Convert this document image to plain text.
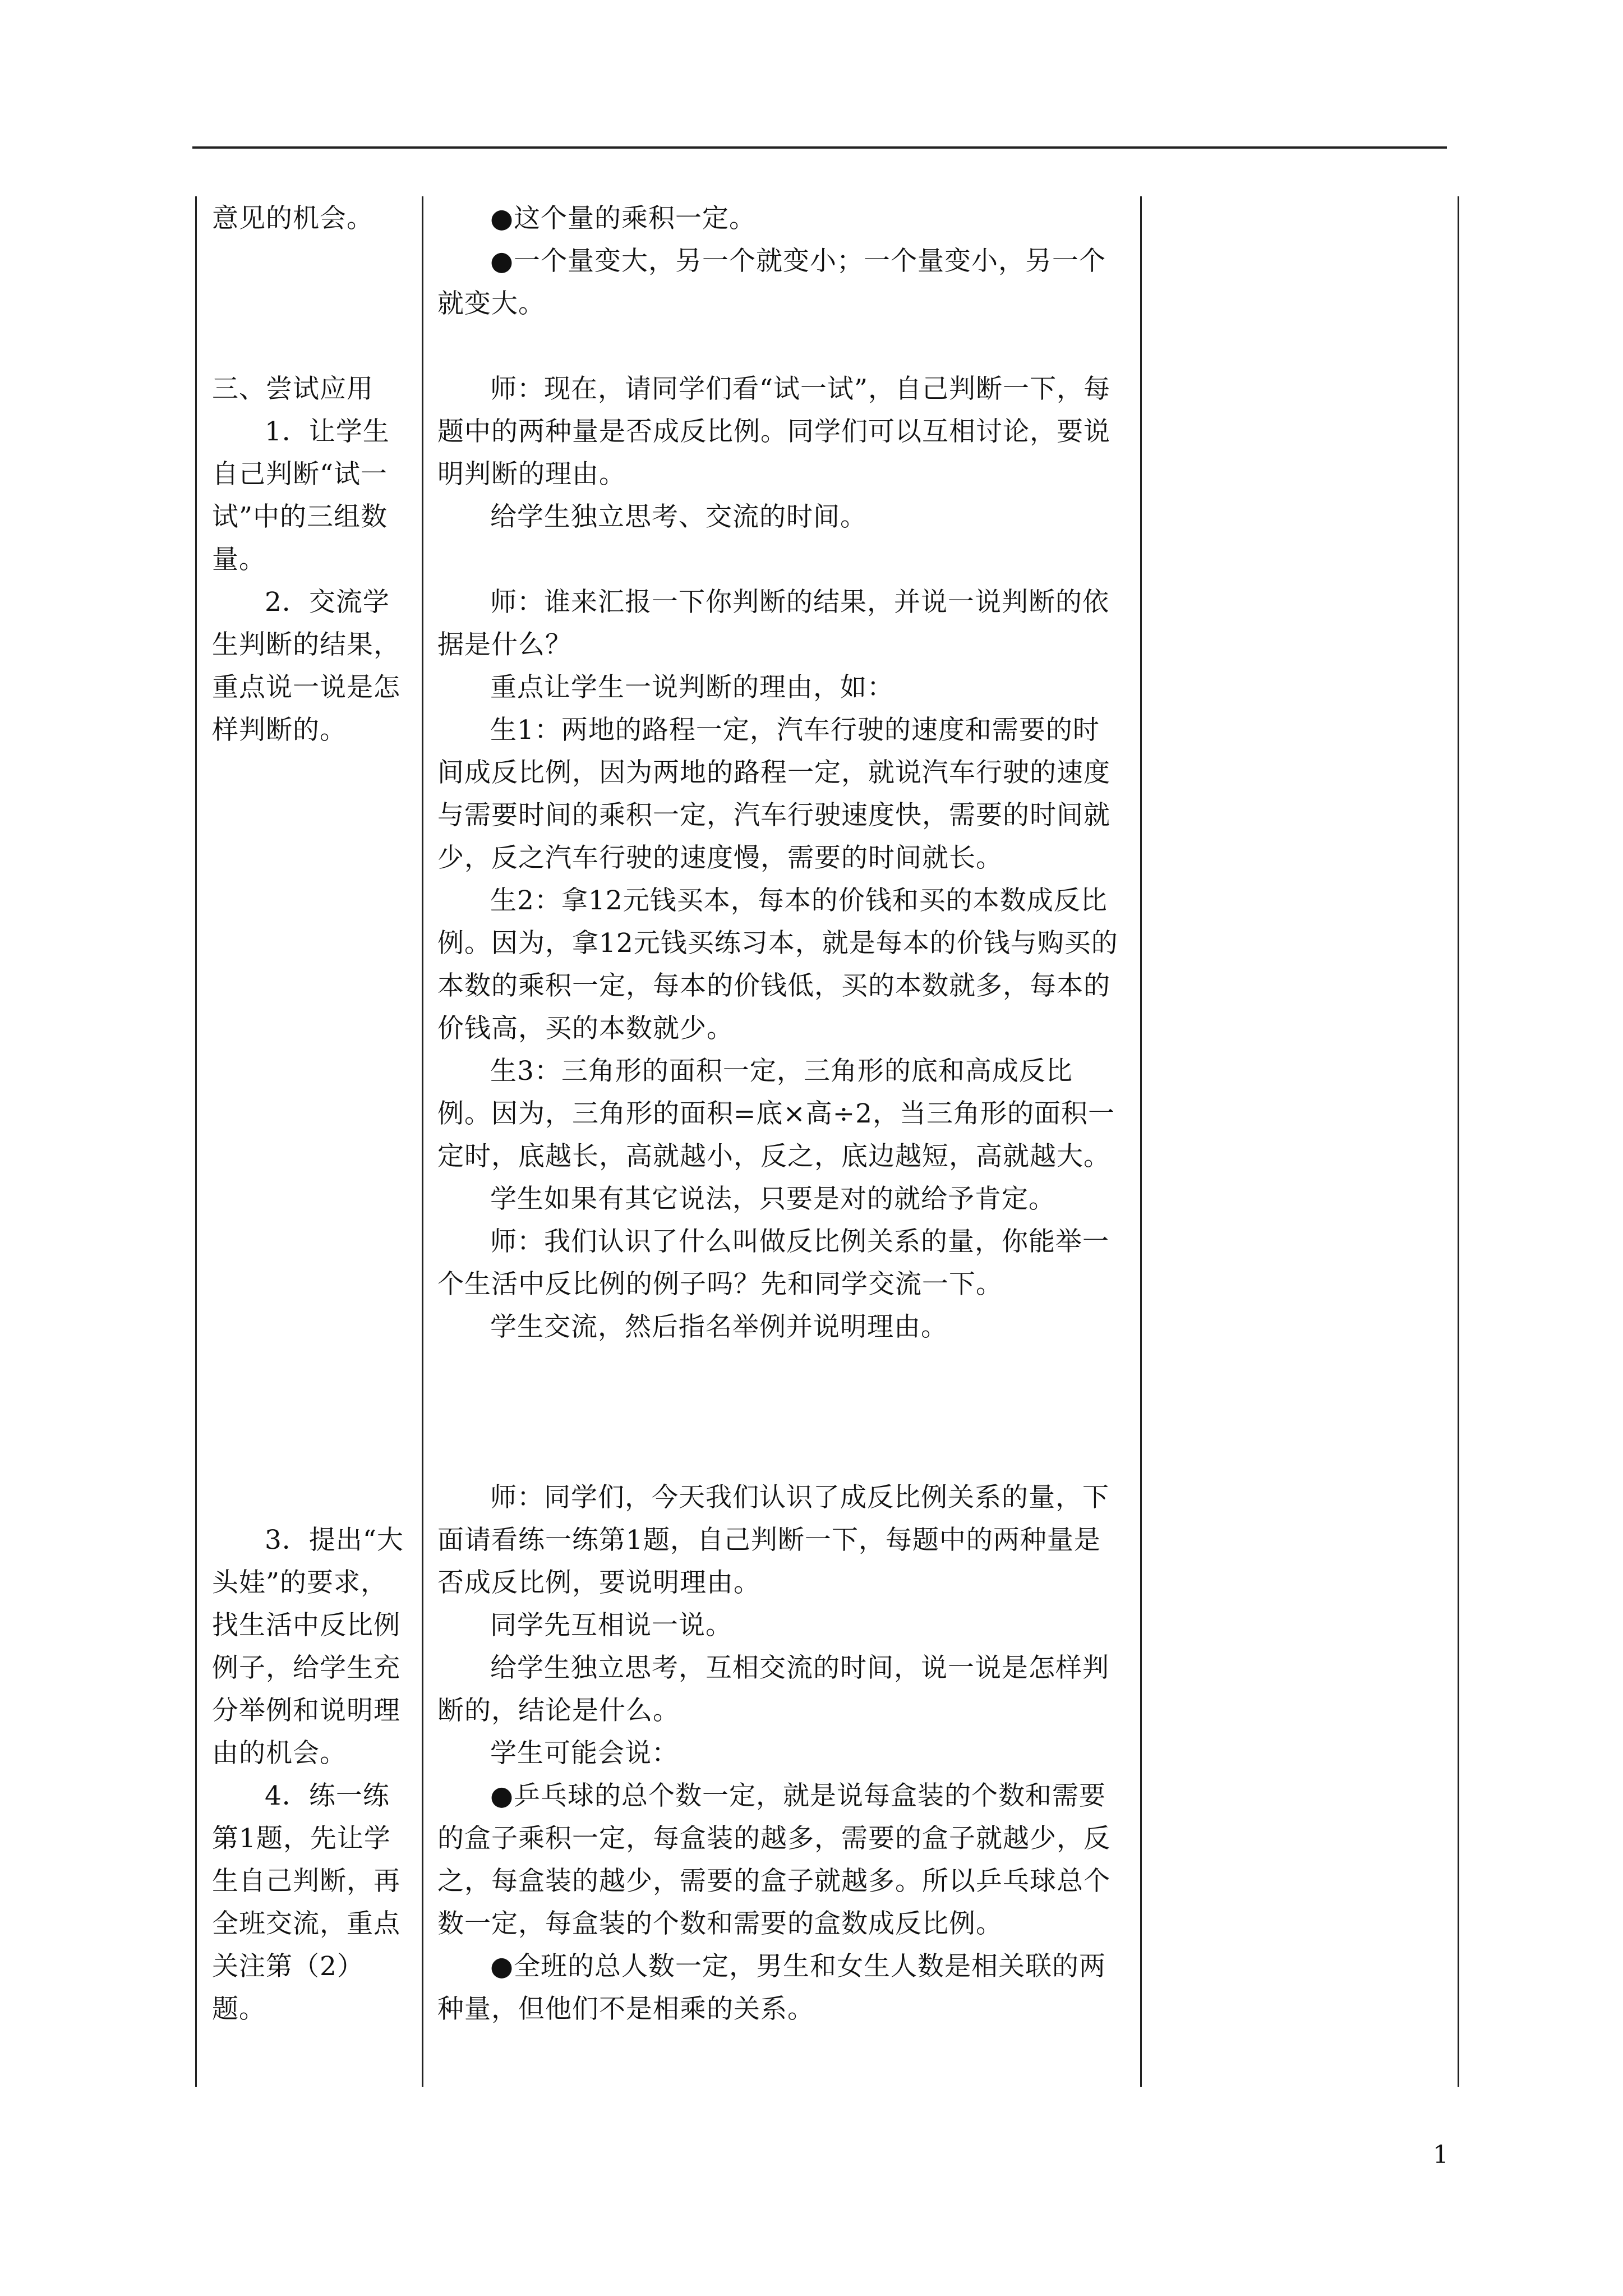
意见的机会。

三、尝试应用

1．让学生自己判断“试一试”中的三组数量。

2．交流学生判断的结果，重点说一说是怎样判断的。

3．提出“大头娃”的要求，找生活中反比例例子，给学生充分举例和说明理由的机会。

4．练一练第1题，先让学生自己判断，再全班交流，重点关注第（2）题。

●这个量的乘积一定。

●一个量变大，另一个就变小；一个量变小，另一个就变大。

师：现在，请同学们看“试一试”，自己判断一下，每题中的两种量是否成反比例。同学们可以互相讨论，要说明判断的理由。

给学生独立思考、交流的时间。

师：谁来汇报一下你判断的结果，并说一说判断的依据是什么？

重点让学生一说判断的理由，如：

生1：两地的路程一定，汽车行驶的速度和需要的时间成反比例，因为两地的路程一定，就说汽车行驶的速度与需要时间的乘积一定，汽车行驶速度快，需要的时间就少，反之汽车行驶的速度慢，需要的时间就长。

生2：拿12元钱买本，每本的价钱和买的本数成反比例。因为，拿12元钱买练习本，就是每本的价钱与购买的本数的乘积一定，每本的价钱低，买的本数就多，每本的价钱高，买的本数就少。

生3：三角形的面积一定，三角形的底和高成反比例。因为，三角形的面积=底×高÷2，当三角形的面积一定时，底越长，高就越小，反之，底边越短，高就越大。

学生如果有其它说法，只要是对的就给予肯定。

师：我们认识了什么叫做反比例关系的量，你能举一个生活中反比例的例子吗？先和同学交流一下。

学生交流，然后指名举例并说明理由。

师：同学们，今天我们认识了成反比例关系的量，下面请看练一练第1题，自己判断一下，每题中的两种量是否成反比例，要说明理由。

同学先互相说一说。

给学生独立思考，互相交流的时间，说一说是怎样判断的，结论是什么。

学生可能会说：

●乒乓球的总个数一定，就是说每盒装的个数和需要的盒子乘积一定，每盒装的越多，需要的盒子就越少，反之，每盒装的越少，需要的盒子就越多。所以乒乓球总个数一定，每盒装的个数和需要的盒数成反比例。

●全班的总人数一定，男生和女生人数是相关联的两种量，但他们不是相乘的关系。

1
